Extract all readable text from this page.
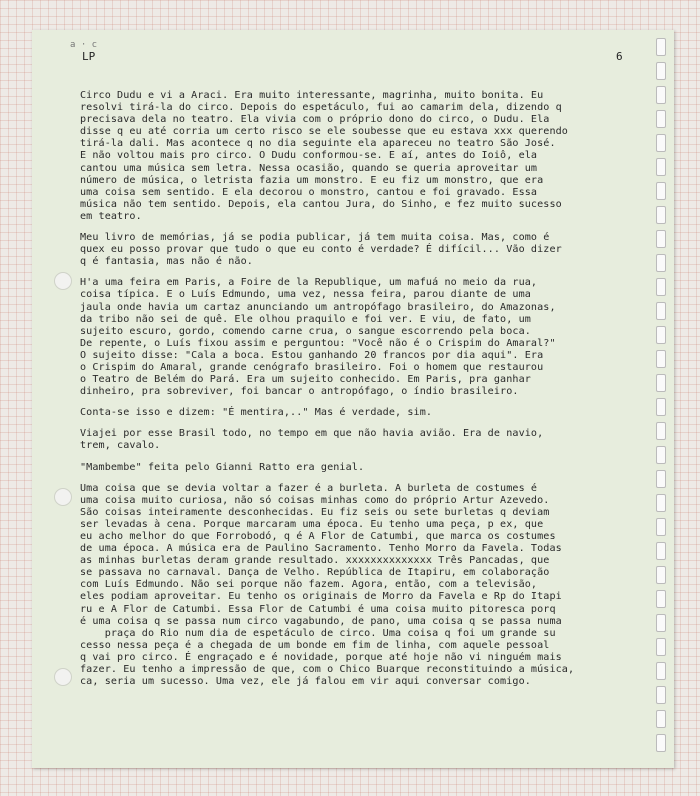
a · c
LP	6
Circo Dudu e vi a Araci. Era muito interessante, magrinha, muito bonita. Eu
resolvi tirá-la do circo. Depois do espetáculo, fui ao camarim dela, dizendo q
precisava dela no teatro. Ela vivia com o próprio dono do circo, o Dudu. Ela
disse q eu até corria um certo risco se ele soubesse que eu estava xxx querendo
tirá-la dali. Mas acontece q no dia seguinte ela apareceu no teatro São José.
E não voltou mais pro circo. O Dudu conformou-se. E aí, antes do Ioiô, ela
cantou uma música sem letra. Nessa ocasião, quando se queria aproveitar um
número de música, o letrista fazia um monstro. E eu fiz um monstro, que era
uma coisa sem sentido. E ela decorou o monstro, cantou e foi gravado. Essa
música não tem sentido. Depois, ela cantou Jura, do Sinho, e fez muito sucesso
em teatro.
Meu livro de memórias, já se podia publicar, já tem muita coisa. Mas, como é
quex eu posso provar que tudo o que eu conto é verdade? É difícil... Vão dizer
q é fantasia, mas não é não.
H'a uma feira em Paris, a Foire de la Republique, um mafuá no meio da rua,
coisa típica. E o Luís Edmundo, uma vez, nessa feira, parou diante de uma
jaula onde havia um cartaz anunciando um antropófago brasileiro, do Amazonas,
da tribo não sei de quê. Ele olhou praquilo e foi ver. E viu, de fato, um
sujeito escuro, gordo, comendo carne crua, o sangue escorrendo pela boca.
De repente, o Luís fixou assim e perguntou: "Você não é o Crispim do Amaral?"
O sujeito disse: "Cala a boca. Estou ganhando 20 francos por dia aqui". Era
o Crispim do Amaral, grande cenógrafo brasileiro. Foi o homem que restaurou
o Teatro de Belém do Pará. Era um sujeito conhecido. Em Paris, pra ganhar
dinheiro, pra sobreviver, foi bancar o antropófago, o índio brasileiro.
Conta-se isso e dizem: "É mentira,.." Mas é verdade, sim.
Viajei por esse Brasil todo, no tempo em que não havia avião. Era de navio,
trem, cavalo.
"Mambembe" feita pelo Gianni Ratto era genial.
Uma coisa que se devia voltar a fazer é a burleta. A burleta de costumes é
uma coisa muito curiosa, não só coisas minhas como do próprio Artur Azevedo.
São coisas inteiramente desconhecidas. Eu fiz seis ou sete burletas q deviam
ser levadas à cena. Porque marcaram uma época. Eu tenho uma peça, p ex, que
eu acho melhor do que Forrobodó, q é A Flor de Catumbi, que marca os costumes
de uma época. A música era de Paulino Sacramento. Tenho Morro da Favela. Todas
as minhas burletas deram grande resultado. xxxxxxxxxxxxxx Três Pancadas, que
se passava no carnaval. Dança de Velho. República de Itapiru, em colaboração
com Luís Edmundo. Não sei porque não fazem. Agora, então, com a televisão,
eles podiam aproveitar. Eu tenho os originais de Morro da Favela e Rp do Itapi
ru e A Flor de Catumbi. Essa Flor de Catumbi é uma coisa muito pitoresca porq
é uma coisa q se passa num circo vagabundo, de pano, uma coisa q se passa numa
praça do Rio num dia de espetáculo de circo. Uma coisa q foi um grande su
cesso nessa peça é a chegada de um bonde em fim de linha, com aquele pessoal
q vai pro circo. É engraçado e é novidade, porque até hoje não vi ninguém mais
fazer. Eu tenho a impressão de que, com o Chico Buarque reconstituindo a música,
ca, seria um sucesso. Uma vez, ele já falou em vir aqui conversar comigo.
